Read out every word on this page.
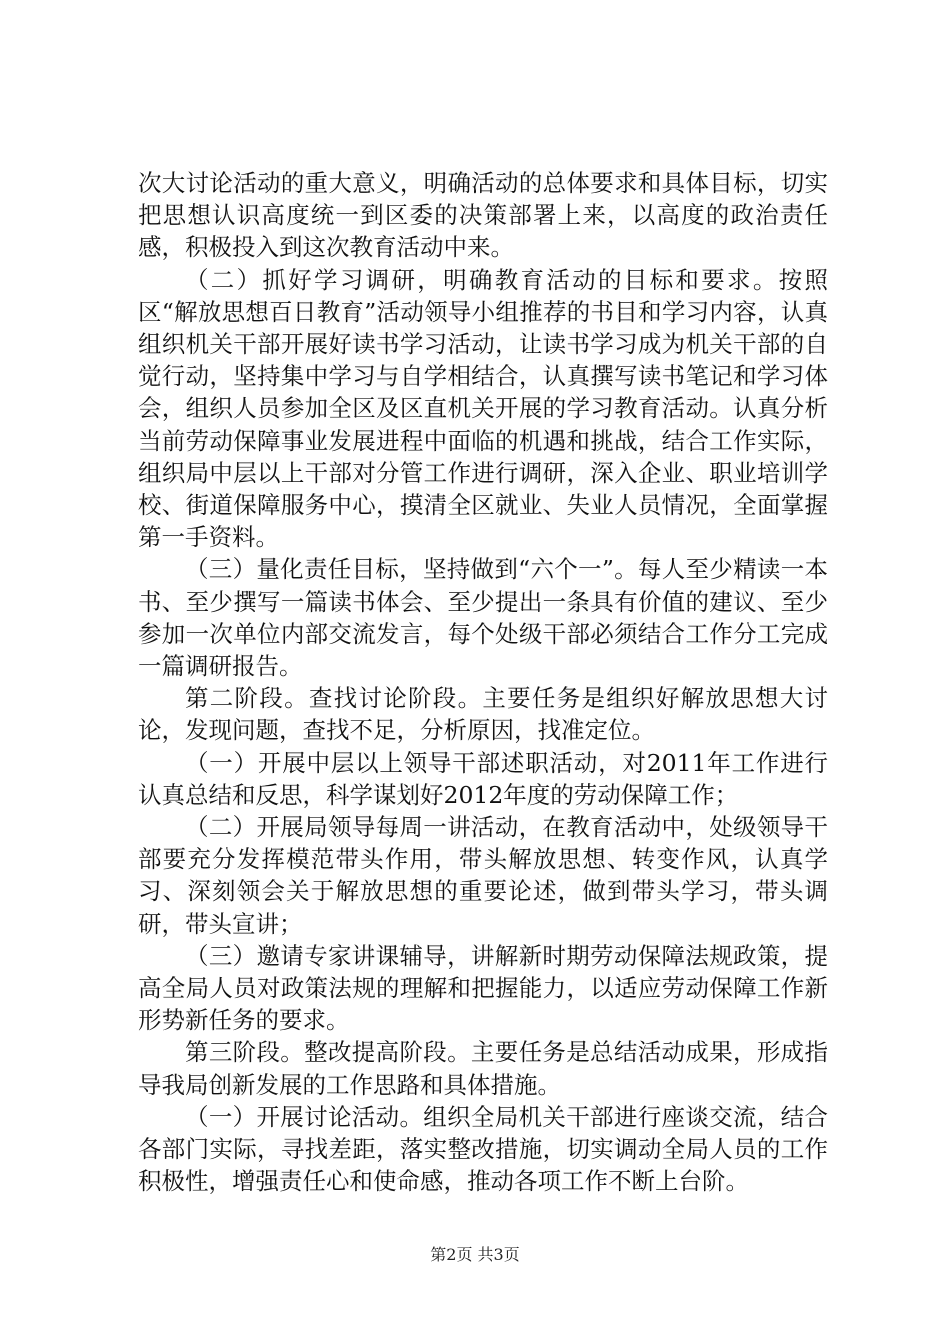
次大讨论活动的重大意义，明确活动的总体要求和具体目标，切实把思想认识高度统一到区委的决策部署上来，以高度的政治责任感，积极投入到这次教育活动中来。

（二）抓好学习调研，明确教育活动的目标和要求。按照区“解放思想百日教育”活动领导小组推荐的书目和学习内容，认真组织机关干部开展好读书学习活动，让读书学习成为机关干部的自觉行动，坚持集中学习与自学相结合，认真撰写读书笔记和学习体会，组织人员参加全区及区直机关开展的学习教育活动。认真分析当前劳动保障事业发展进程中面临的机遇和挑战，结合工作实际，组织局中层以上干部对分管工作进行调研，深入企业、职业培训学校、街道保障服务中心，摸清全区就业、失业人员情况，全面掌握第一手资料。

（三）量化责任目标，坚持做到“六个一”。每人至少精读一本书、至少撰写一篇读书体会、至少提出一条具有价值的建议、至少参加一次单位内部交流发言，每个处级干部必须结合工作分工完成一篇调研报告。

第二阶段。查找讨论阶段。主要任务是组织好解放思想大讨论，发现问题，查找不足，分析原因，找准定位。

（一）开展中层以上领导干部述职活动，对2011年工作进行认真总结和反思，科学谋划好2012年度的劳动保障工作；

（二）开展局领导每周一讲活动，在教育活动中，处级领导干部要充分发挥模范带头作用，带头解放思想、转变作风，认真学习、深刻领会关于解放思想的重要论述，做到带头学习，带头调研，带头宣讲；

（三）邀请专家讲课辅导，讲解新时期劳动保障法规政策，提高全局人员对政策法规的理解和把握能力，以适应劳动保障工作新形势新任务的要求。

第三阶段。整改提高阶段。主要任务是总结活动成果，形成指导我局创新发展的工作思路和具体措施。

（一）开展讨论活动。组织全局机关干部进行座谈交流，结合各部门实际，寻找差距，落实整改措施，切实调动全局人员的工作积极性，增强责任心和使命感，推动各项工作不断上台阶。

第2页 共3页
